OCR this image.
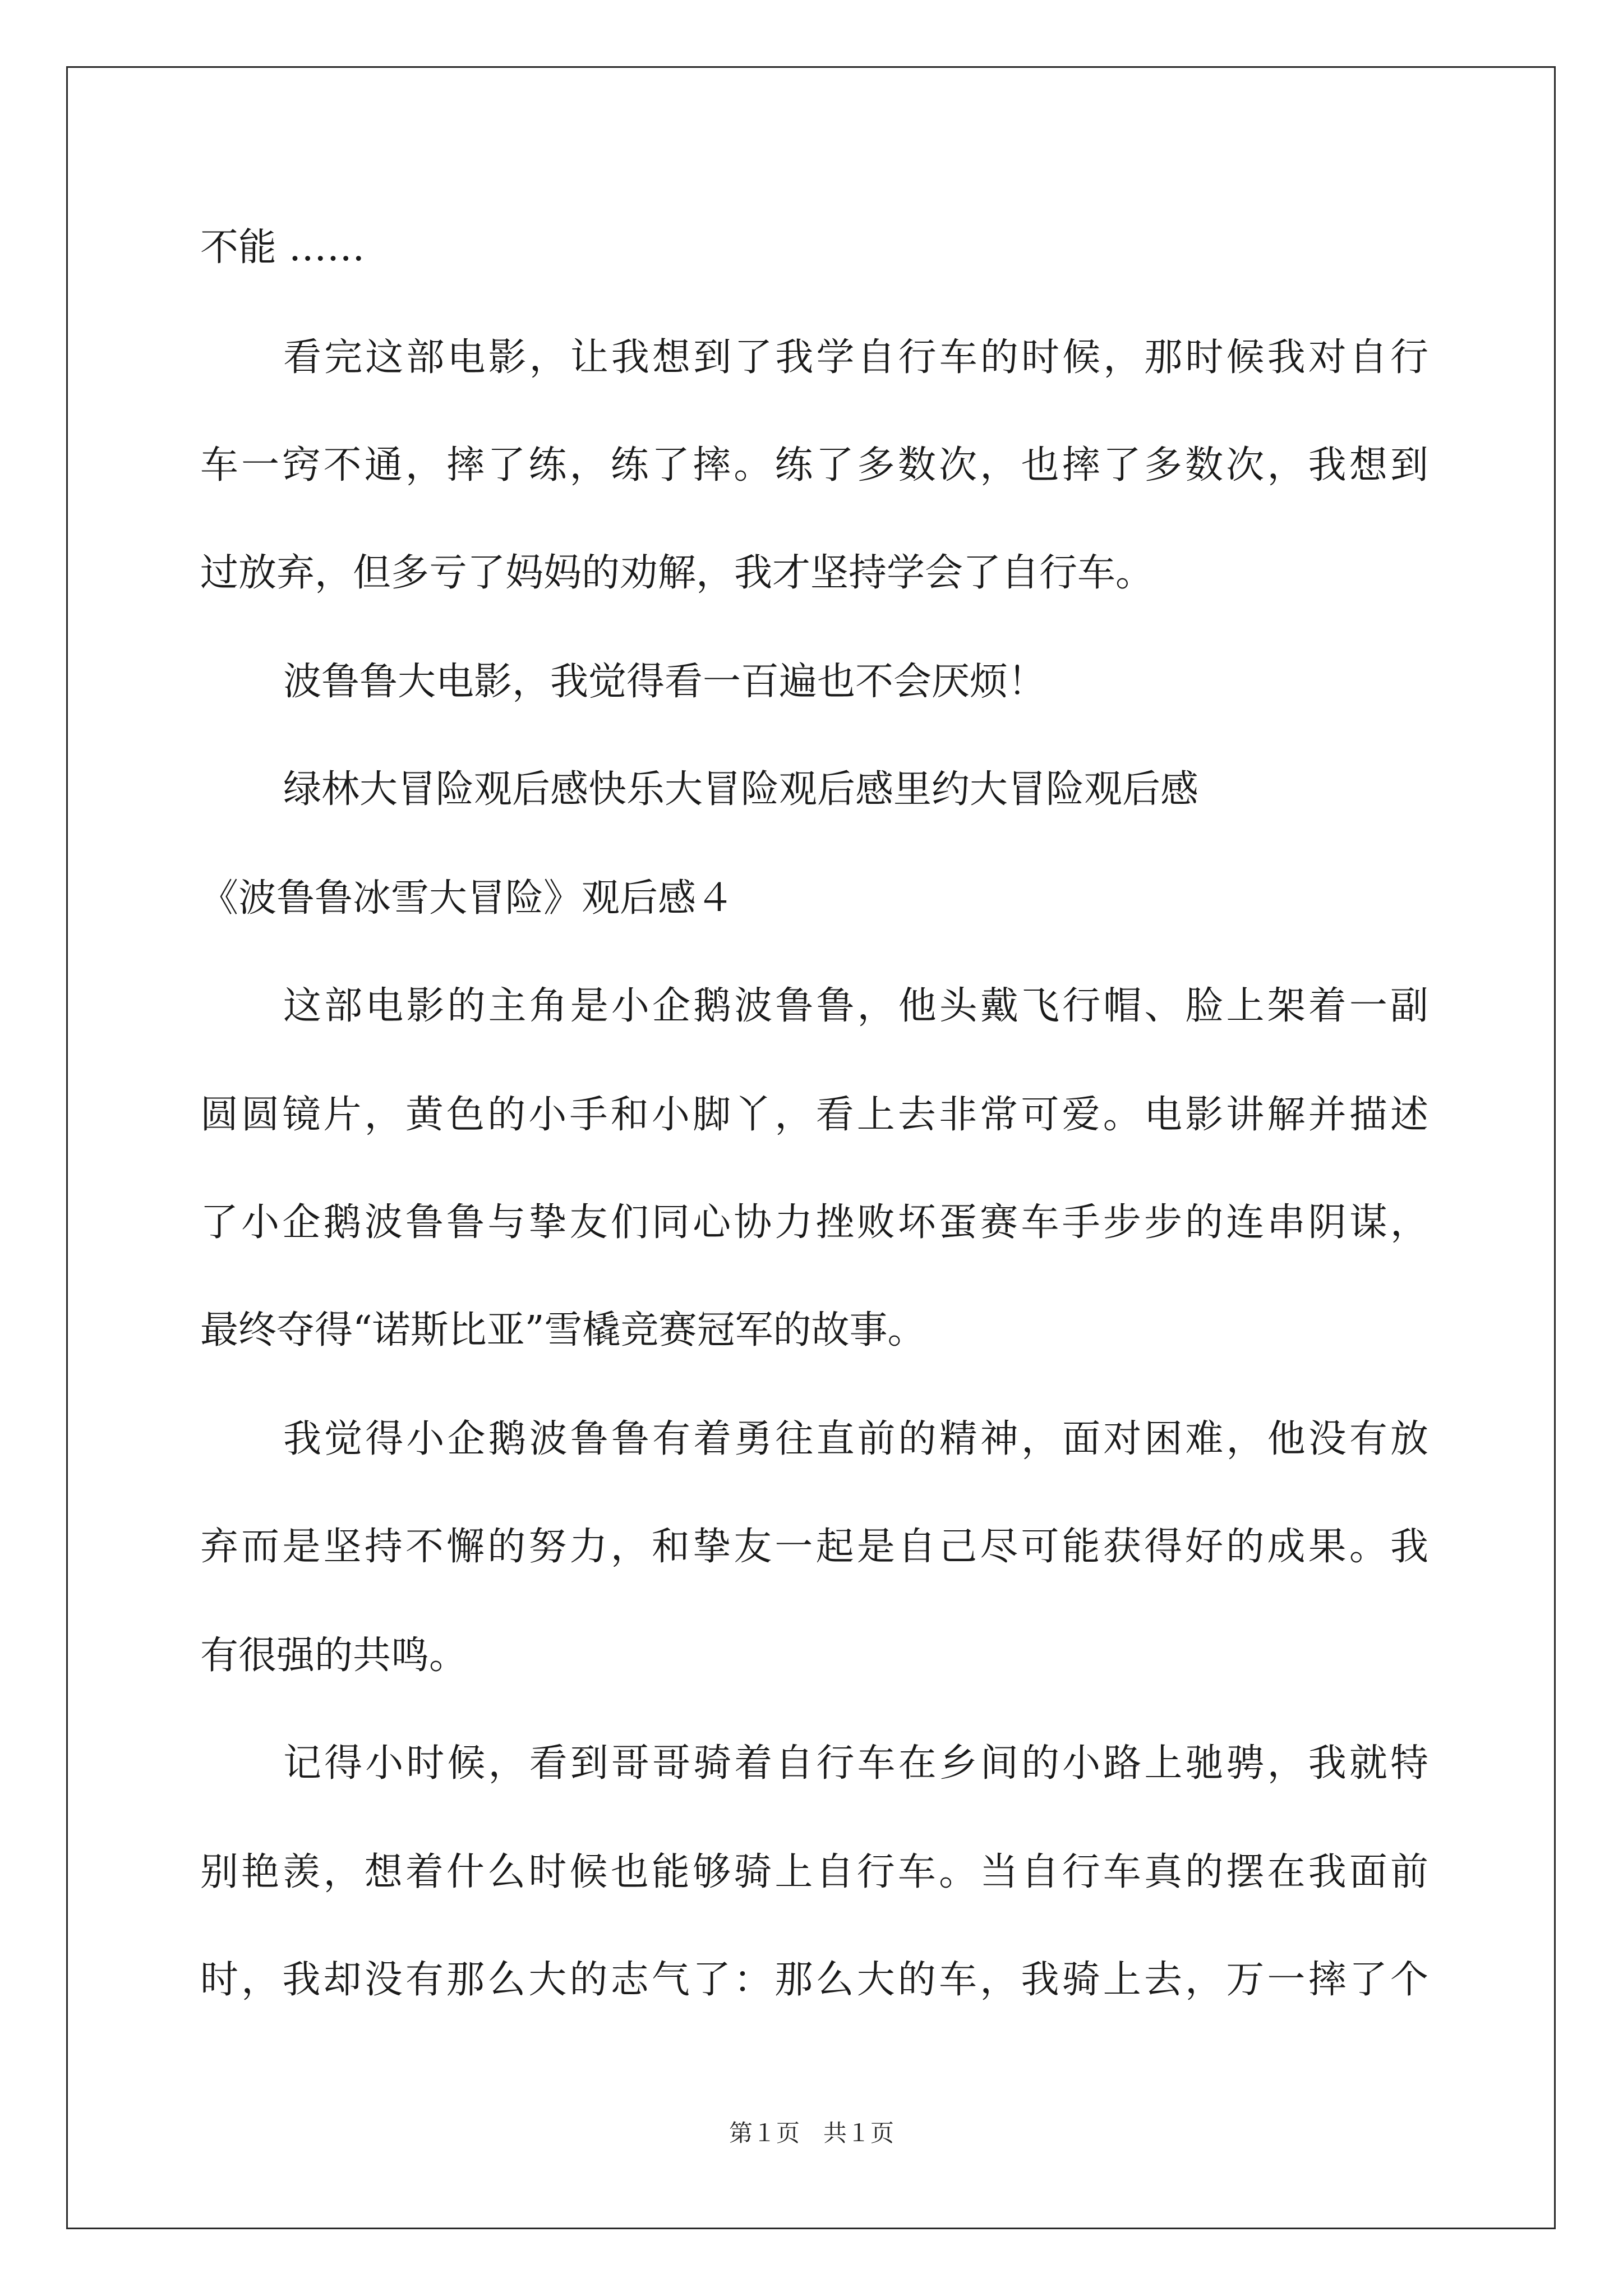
不能 ……
看完这部电影，让我想到了我学自行车的时候，那时候我对自行
车一窍不通，摔了练，练了摔。练了多数次，也摔了多数次，我想到
过放弃，但多亏了妈妈的劝解，我才坚持学会了自行车。
波鲁鲁大电影，我觉得看一百遍也不会厌烦！
绿林大冒险观后感快乐大冒险观后感里约大冒险观后感
《波鲁鲁冰雪大冒险》观后感４
这部电影的主角是小企鹅波鲁鲁，他头戴飞行帽、脸上架着一副
圆圆镜片，黄色的小手和小脚丫，看上去非常可爱。电影讲解并描述
了小企鹅波鲁鲁与挚友们同心协力挫败坏蛋赛车手步步的连串阴谋，
最终夺得“诺斯比亚”雪橇竞赛冠军的故事。
我觉得小企鹅波鲁鲁有着勇往直前的精神，面对困难，他没有放
弃而是坚持不懈的努力，和挚友一起是自己尽可能获得好的成果。我
有很强的共鸣。
记得小时候，看到哥哥骑着自行车在乡间的小路上驰骋，我就特
别艳羡，想着什么时候也能够骑上自行车。当自行车真的摆在我面前
时，我却没有那么大的志气了：那么大的车，我骑上去，万一摔了个
第１页　共１页
